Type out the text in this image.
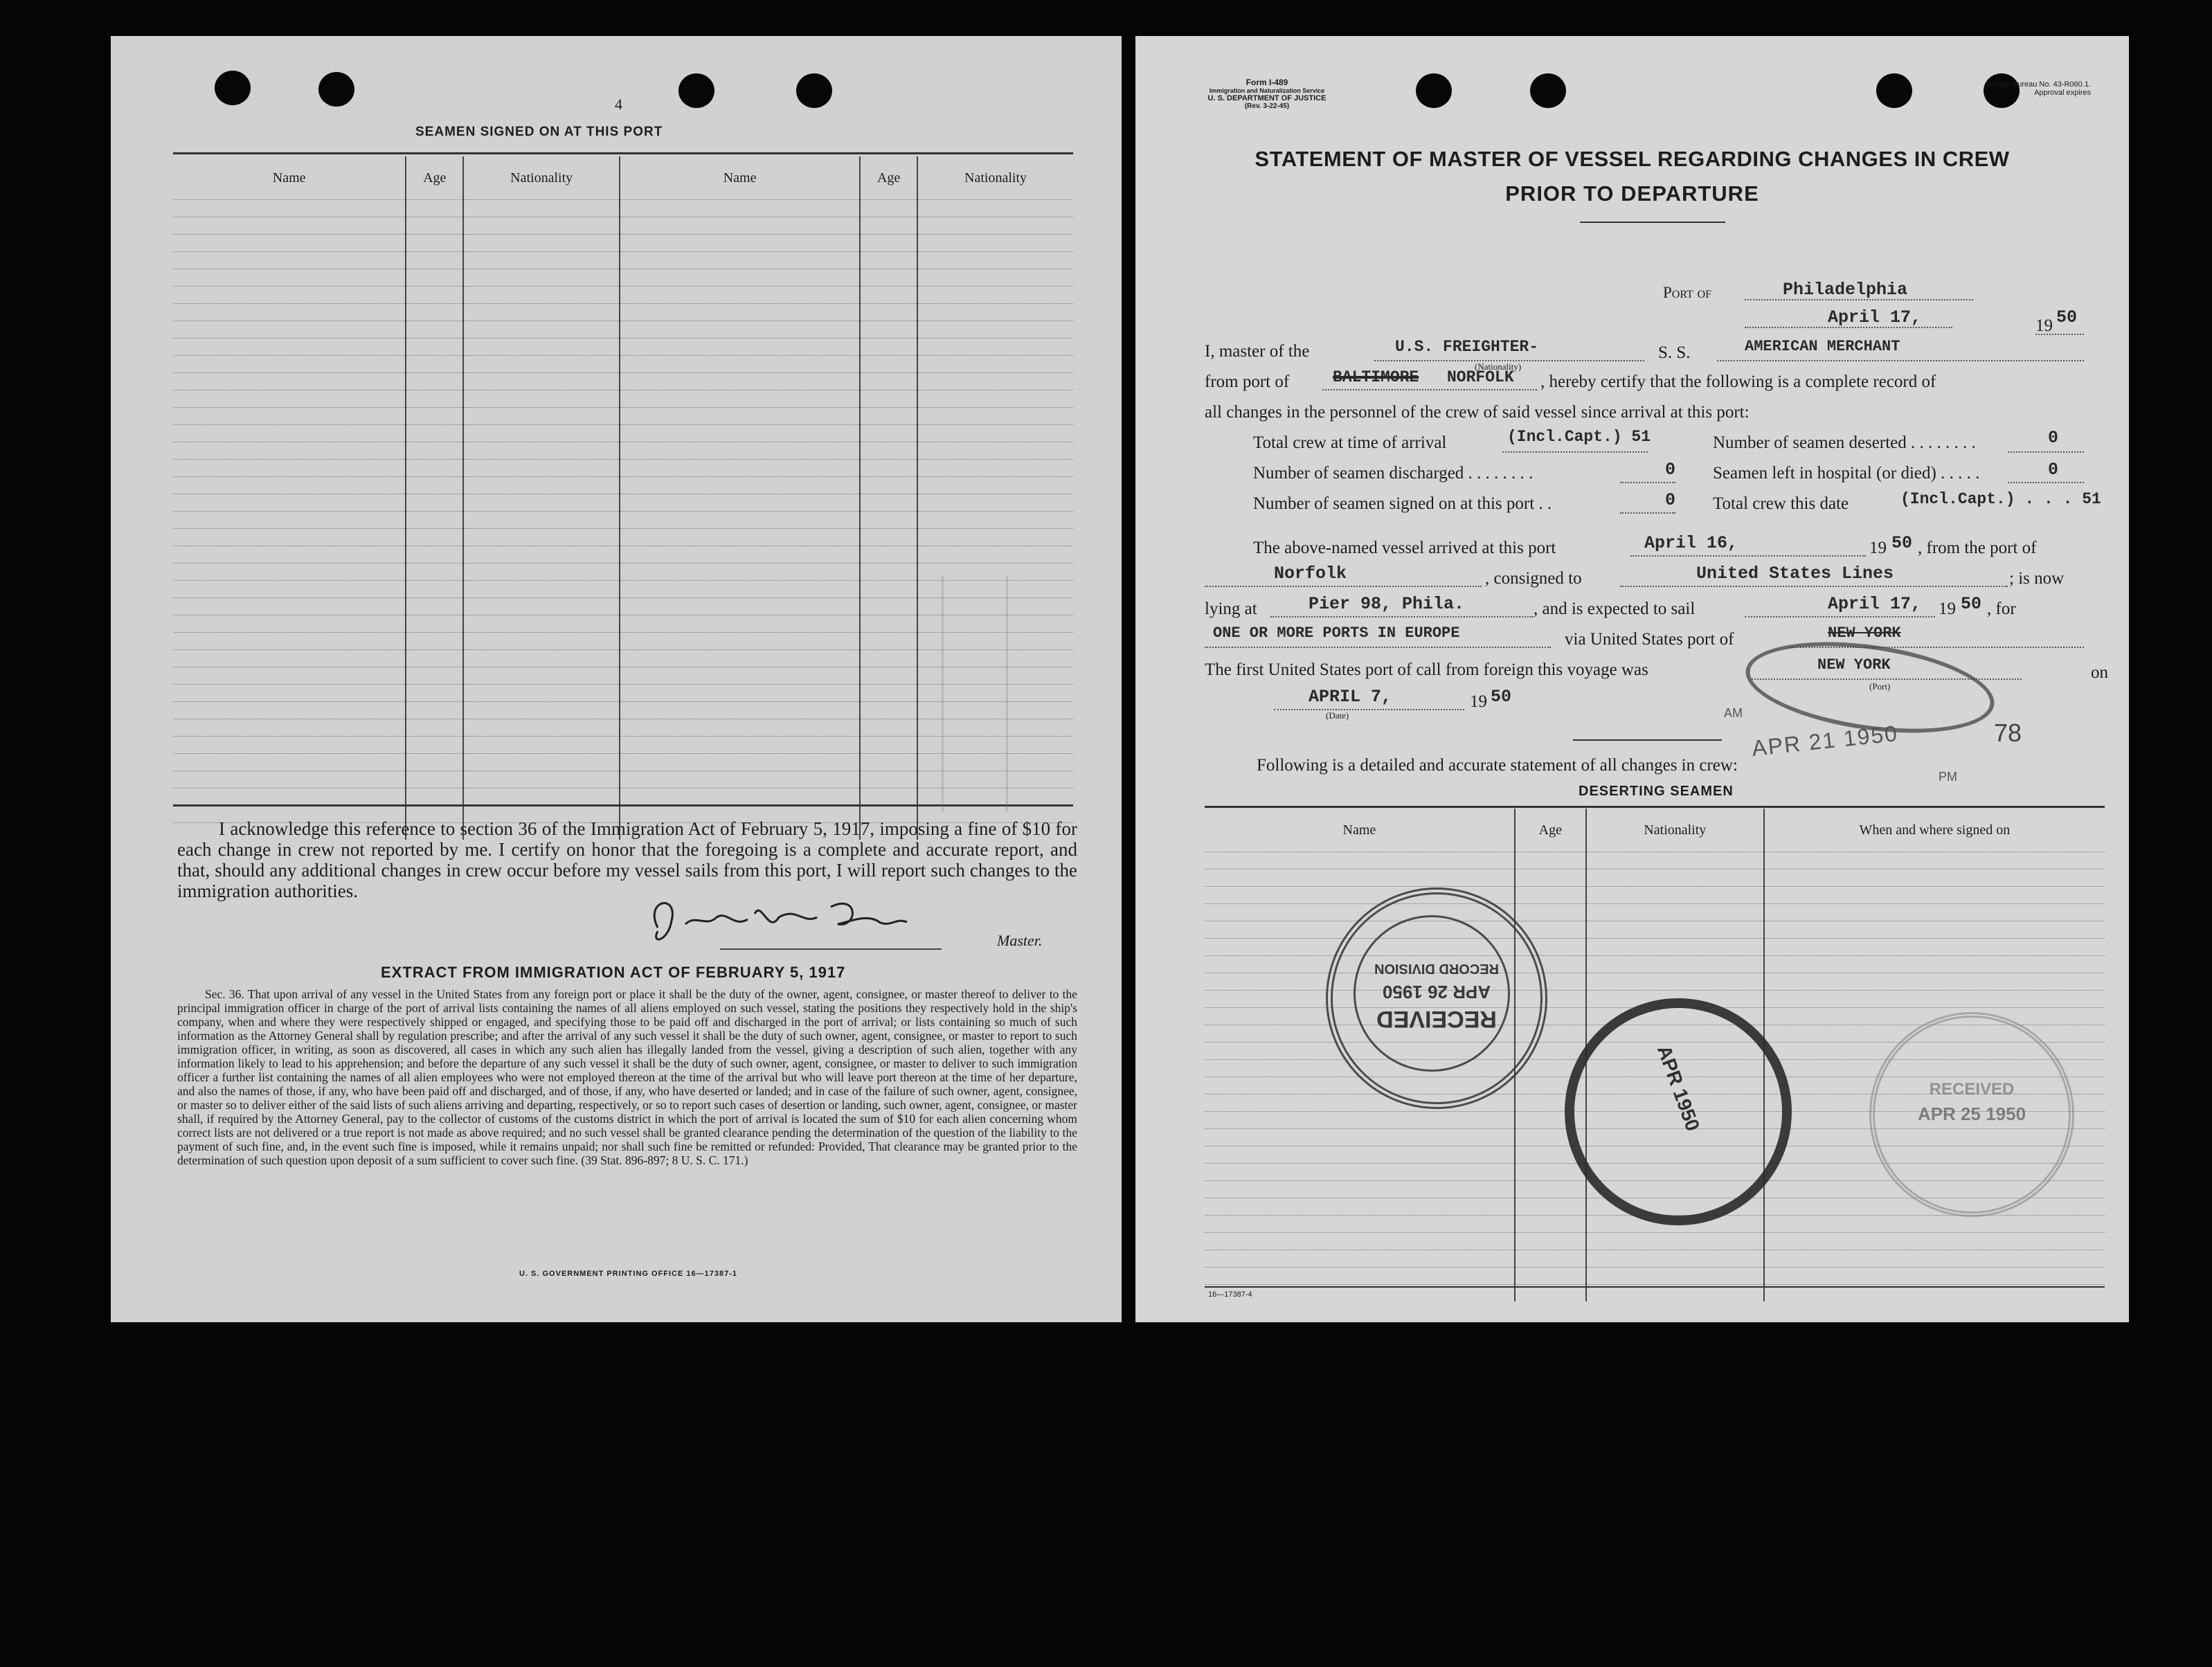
4
SEAMEN SIGNED ON AT THIS PORT
Name	Age	Nationality	Name	Age	Nationality

I acknowledge this reference to section 36 of the Immigration Act of February 5, 1917, imposing a fine of $10 for each change in crew not reported by me. I certify on honor that the foregoing is a complete and accurate report, and that, should any additional changes in crew occur before my vessel sails from this port, I will report such changes to the immigration authorities.
Master.
EXTRACT FROM IMMIGRATION ACT OF FEBRUARY 5, 1917
Sec. 36. That upon arrival of any vessel in the United States from any foreign port or place it shall be the duty of the owner, agent, consignee, or master thereof to deliver to the principal immigration officer in charge of the port of arrival lists containing the names of all aliens employed on such vessel, stating the positions they respectively hold in the ship's company, when and where they were respectively shipped or engaged, and specifying those to be paid off and discharged in the port of arrival; or lists containing so much of such information as the Attorney General shall by regulation prescribe; and after the arrival of any such vessel it shall be the duty of such owner, agent, consignee, or master to report to such immigration officer, in writing, as soon as discovered, all cases in which any such alien has illegally landed from the vessel, giving a description of such alien, together with any information likely to lead to his apprehension; and before the departure of any such vessel it shall be the duty of such owner, agent, consignee, or master to deliver to such immigration officer a further list containing the names of all alien employees who were not employed thereon at the time of the arrival but who will leave port thereon at the time of her departure, and also the names of those, if any, who have been paid off and discharged, and of those, if any, who have deserted or landed; and in case of the failure of such owner, agent, consignee, or master so to deliver either of the said lists of such aliens arriving and departing, respectively, or so to report such cases of desertion or landing, such owner, agent, consignee, or master shall, if required by the Attorney General, pay to the collector of customs of the customs district in which the port of arrival is located the sum of $10 for each alien concerning whom correct lists are not delivered or a true report is not made as above required; and no such vessel shall be granted clearance pending the determination of the question of the liability to the payment of such fine, and, in the event such fine is imposed, while it remains unpaid; nor shall such fine be remitted or refunded: Provided, That clearance may be granted prior to the determination of such question upon deposit of a sum sufficient to cover such fine. (39 Stat. 896-897; 8 U. S. C. 171.)
U. S. GOVERNMENT PRINTING OFFICE 16—17387-1
Form I-489
Immigration and Naturalization Service
U. S. DEPARTMENT OF JUSTICE
(Rev. 3-22-45)
Budget Bureau No. 43-R060.1.
Approval expires
STATEMENT OF MASTER OF VESSEL REGARDING CHANGES IN CREW
PRIOR TO DEPARTURE
Port of	Philadelphia
April 17,	19 50
I, master of the	U.S. FREIGHTER-
(Nationality)
S. S.	AMERICAN MERCHANT
from port of	BALTIMORE NORFOLK , hereby certify that the following is a complete record of
all changes in the personnel of the crew of said vessel since arrival at this port:
Total crew at time of arrival	(Incl.Capt.) 51	Number of seamen deserted . . . . . . . .	0
Number of seamen discharged . . . . . . . .	0 Seamen left in hospital (or died) . . . . .	0
Number of seamen signed on at this port . .	0 Total crew this date	(Incl.Capt.) . . . 51
The above-named vessel arrived at this port	April 16,	19 50 , from the port of
Norfolk	, consigned to	United States Lines	; is now
lying at	Pier 98, Phila.	, and is expected to sail	April 17, 19 50 , for
ONE OR MORE PORTS IN EUROPE	via United States port of	NEW YORK
The first United States port of call from foreign this voyage was	NEW YORK
(Port)
on
APRIL 7,
(Date)
19 50
Following is a detailed and accurate statement of all changes in crew:
DESERTING SEAMEN
Name	Age	Nationality	When and where signed on

16—17387-4
APR 21 1950
AM
PM
78
RECORD DIVISION
APR 26 1950
RECEIVED
APR 1950	RECEIVED
APR 25 1950
